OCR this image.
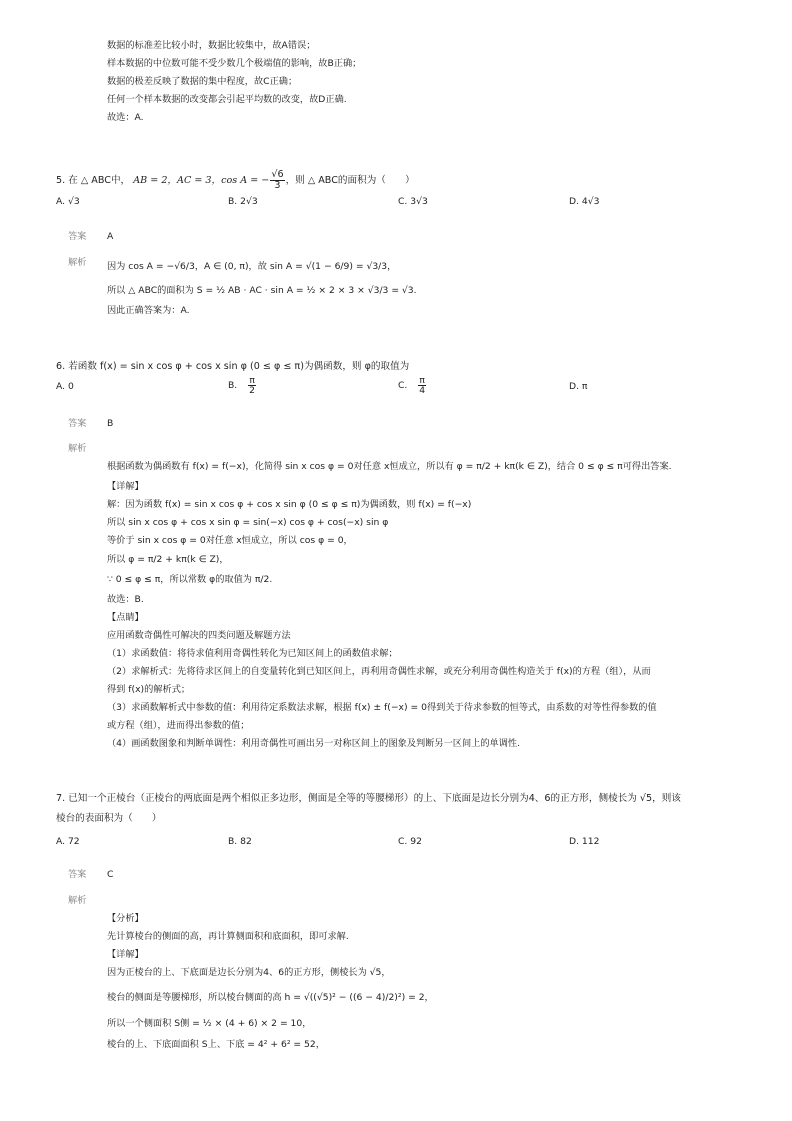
数据的标准差比较小时，数据比较集中，故A错误；
样本数据的中位数可能不受少数几个极端值的影响，故B正确；
数据的极差反映了数据的集中程度，故C正确；
任何一个样本数据的改变都会引起平均数的改变，故D正确.
故选：A.
5. 在 △ ABC中， AB = 2，AC = 3，cos A = − $\frac{√6}{3}$ ，则 △ ABC的面积为（　　）
A. √3	B. 2√3	C. 3√3	D. 4√3
答案 A
解析 因为 cos A = −√6/3，A ∈ (0, π)，故 sin A = √(1 − 6/9) = √3/3，
所以 △ ABC的面积为 S = ½ AB · AC · sin A = ½ × 2 × 3 × √3/3 = √3.
因此正确答案为：A.
6. 若函数 f(x) = sin x cos φ + cos x sin φ (0 ≤ φ ≤ π)为偶函数，则 φ的取值为
A. 0	B. $\frac{\pi}{2}$	C. $\frac{\pi}{4}$	D. π
答案 B
解析
根据函数为偶函数有 f(x) = f(−x)，化简得 sin x cos φ = 0对任意 x恒成立，所以有 φ = π/2 + kπ(k ∈ Z)，结合 0 ≤ φ ≤ π可得出答案.
【详解】
解：因为函数 f(x) = sin x cos φ + cos x sin φ (0 ≤ φ ≤ π)为偶函数，则 f(x) = f(−x)
所以 sin x cos φ + cos x sin φ = sin(−x) cos φ + cos(−x) sin φ
等价于 sin x cos φ = 0对任意 x恒成立，所以 cos φ = 0，
所以 φ = π/2 + kπ(k ∈ Z)，
∵ 0 ≤ φ ≤ π，所以常数 φ的取值为 π/2.
故选：B.
【点睛】
应用函数奇偶性可解决的四类问题及解题方法
（1）求函数值：将待求值利用奇偶性转化为已知区间上的函数值求解；
（2）求解析式：先将待求区间上的自变量转化到已知区间上，再利用奇偶性求解，或充分利用奇偶性构造关于 f(x)的方程（组），从而
得到 f(x)的解析式；
（3）求函数解析式中参数的值：利用待定系数法求解，根据 f(x) ± f(−x) = 0得到关于待求参数的恒等式，由系数的对等性得参数的值
或方程（组），进而得出参数的值；
（4）画函数图象和判断单调性：利用奇偶性可画出另一对称区间上的图象及判断另一区间上的单调性.
7. 已知一个正棱台（正棱台的两底面是两个相似正多边形，侧面是全等的等腰梯形）的上、下底面是边长分别为4、6的正方形，侧棱长为 √5，则该
棱台的表面积为（　　）
A. 72	B. 82	C. 92	D. 112
答案 C
解析
【分析】
先计算棱台的侧面的高，再计算侧面积和底面积，即可求解.
【详解】
因为正棱台的上、下底面是边长分别为4、6的正方形，侧棱长为 √5，
棱台的侧面是等腰梯形，所以棱台侧面的高 h = √((√5)² − ((6 − 4)/2)²) = 2，
所以一个侧面积 S侧 = ½ × (4 + 6) × 2 = 10，
棱台的上、下底面面积 S上、下底 = 4² + 6² = 52，
